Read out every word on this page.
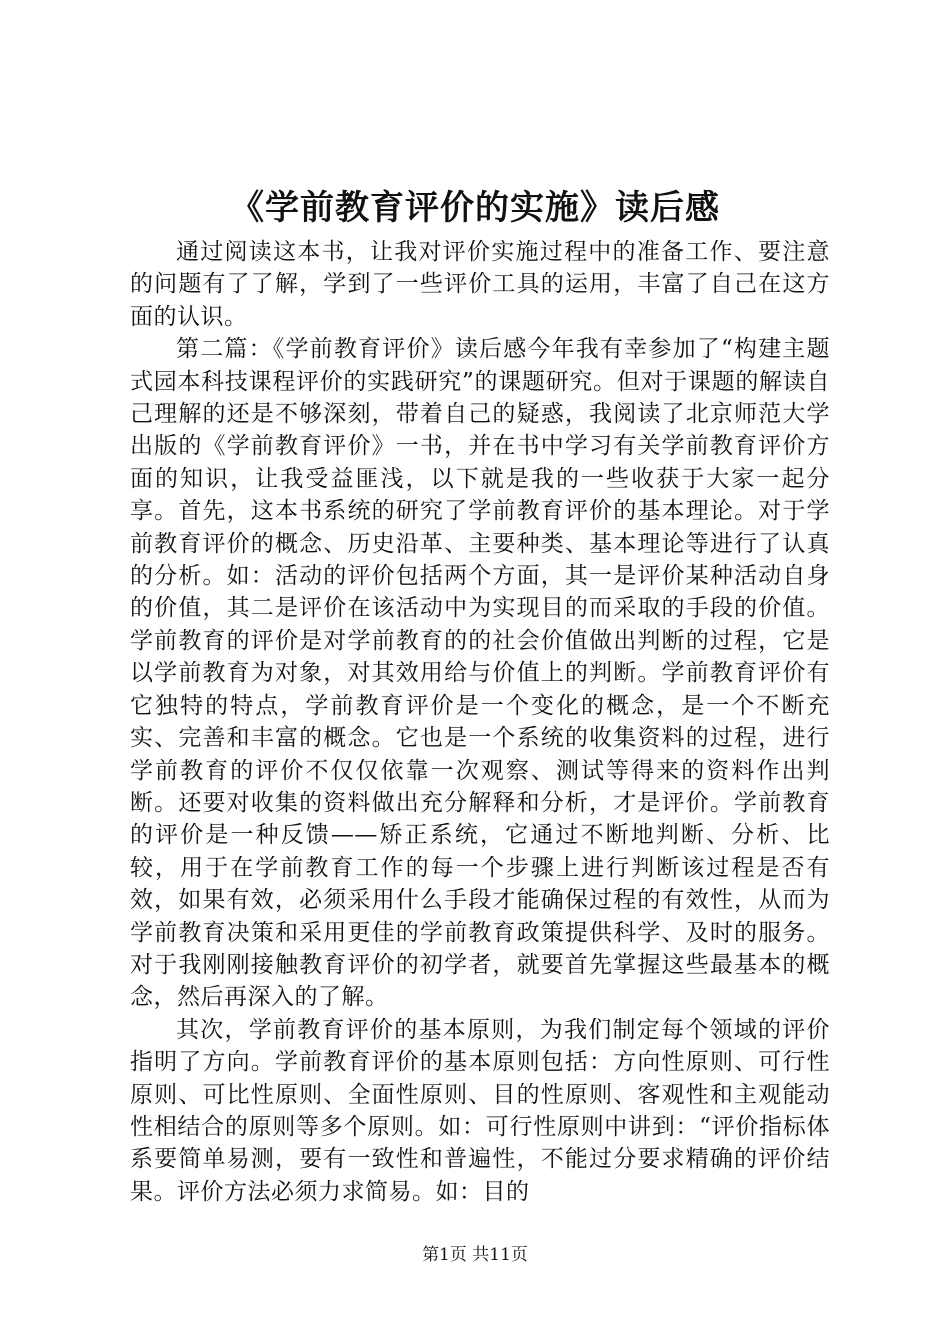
《学前教育评价的实施》读后感

通过阅读这本书，让我对评价实施过程中的准备工作、要注意的问题有了了解，学到了一些评价工具的运用，丰富了自己在这方面的认识。

第二篇：《学前教育评价》读后感今年我有幸参加了“构建主题式园本科技课程评价的实践研究”的课题研究。但对于课题的解读自己理解的还是不够深刻，带着自己的疑惑，我阅读了北京师范大学出版的《学前教育评价》一书，并在书中学习有关学前教育评价方面的知识，让我受益匪浅，以下就是我的一些收获于大家一起分享。首先，这本书系统的研究了学前教育评价的基本理论。对于学前教育评价的概念、历史沿革、主要种类、基本理论等进行了认真的分析。如：活动的评价包括两个方面，其一是评价某种活动自身的价值，其二是评价在该活动中为实现目的而采取的手段的价值。学前教育的评价是对学前教育的的社会价值做出判断的过程，它是以学前教育为对象，对其效用给与价值上的判断。学前教育评价有它独特的特点，学前教育评价是一个变化的概念，是一个不断充实、完善和丰富的概念。它也是一个系统的收集资料的过程，进行学前教育的评价不仅仅依靠一次观察、测试等得来的资料作出判断。还要对收集的资料做出充分解释和分析，才是评价。学前教育的评价是一种反馈——矫正系统，它通过不断地判断、分析、比较，用于在学前教育工作的每一个步骤上进行判断该过程是否有效，如果有效，必须采用什么手段才能确保过程的有效性，从而为学前教育决策和采用更佳的学前教育政策提供科学、及时的服务。对于我刚刚接触教育评价的初学者，就要首先掌握这些最基本的概念，然后再深入的了解。

其次，学前教育评价的基本原则，为我们制定每个领域的评价指明了方向。学前教育评价的基本原则包括：方向性原则、可行性原则、可比性原则、全面性原则、目的性原则、客观性和主观能动性相结合的原则等多个原则。如：可行性原则中讲到：“评价指标体系要简单易测，要有一致性和普遍性，不能过分要求精确的评价结果。评价方法必须力求简易。如：目的

第1页 共11页
